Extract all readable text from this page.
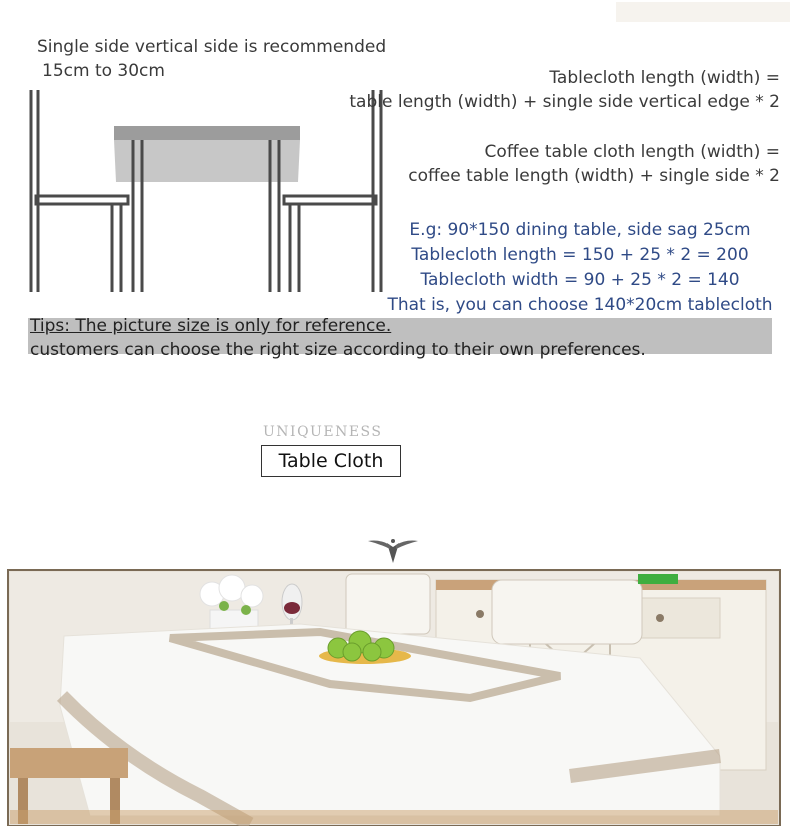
Single side vertical side is recommended
15cm to 30cm	Tablecloth length (width) =
table length (width) + single side vertical edge * 2
Coffee table cloth length (width) =
coffee table length (width) + single side * 2
E.g: 90*150 dining table, side sag 25cm
Tablecloth length = 150 + 25 * 2 = 200
Tablecloth width = 90 + 25 * 2 = 140
That is, you can choose 140*20cm tablecloth
Tips: The picture size is only for reference.
customers can choose the right size according to their own preferences.
UNIQUENESS
Table Cloth
